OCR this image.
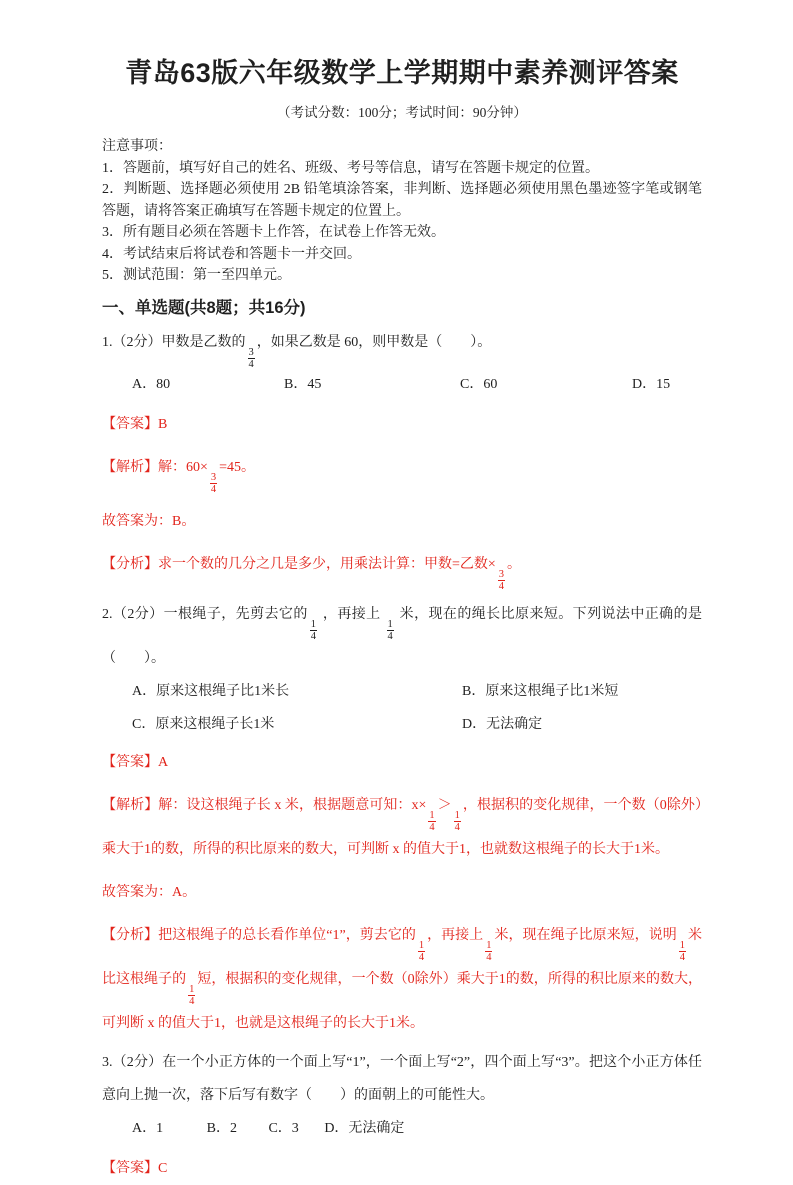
青岛63版六年级数学上学期期中素养测评答案

（考试分数：100分；考试时间：90分钟）

注意事项：

1．答题前，填写好自己的姓名、班级、考号等信息，请写在答题卡规定的位置。

2．判断题、选择题必须使用 2B 铅笔填涂答案，非判断、选择题必须使用黑色墨迹签字笔或钢笔答题，请将答案正确填写在答题卡规定的位置上。

3．所有题目必须在答题卡上作答，在试卷上作答无效。

4．考试结束后将试卷和答题卡一并交回。

5．测试范围：第一至四单元。

一、单选题(共8题；共16分)

1.（2分）甲数是乙数的
$\frac{3}{4}$
，如果乙数是 60，则甲数是（　　）。

A．80	B．45	C．60	D．15

【答案】B

【解析】解：60×
$\frac{3}{4}$
=45。

故答案为：B。

【分析】求一个数的几分之几是多少，用乘法计算：甲数=乙数×
$\frac{3}{4}$
。

2.（2分）一根绳子，先剪去它的
$\frac{1}{4}$
，再接上
$\frac{1}{4}$
米，现在的绳长比原来短。下列说法中正确的是（　　）。

A．原来这根绳子比1米长	B．原来这根绳子比1米短
C．原来这根绳子长1米	D．无法确定

【答案】A

【解析】解：设这根绳子长 x 米，根据题意可知：x×
$\frac{1}{4}$
＞
$\frac{1}{4}$
，根据积的变化规律，一个数（0除外）乘大于1的数，所得的积比原来的数大，可判断 x 的值大于1，也就数这根绳子的长大于1米。

故答案为：A。

【分析】把这根绳子的总长看作单位“1”，剪去它的
$\frac{1}{4}$
，再接上
$\frac{1}{4}$
米，现在绳子比原来短，说明
$\frac{1}{4}$
米比这根绳子的
$\frac{1}{4}$
短，根据积的变化规律，一个数（0除外）乘大于1的数，所得的积比原来的数大，可判断 x 的值大于1，也就是这根绳子的长大于1米。

3.（2分）在一个小正方体的一个面上写“1”，一个面上写“2”，四个面上写“3”。把这个小正方体任意向上抛一次，落下后写有数字（　　）的面朝上的可能性大。

A．1	B．2 C．3 D．无法确定

【答案】C
